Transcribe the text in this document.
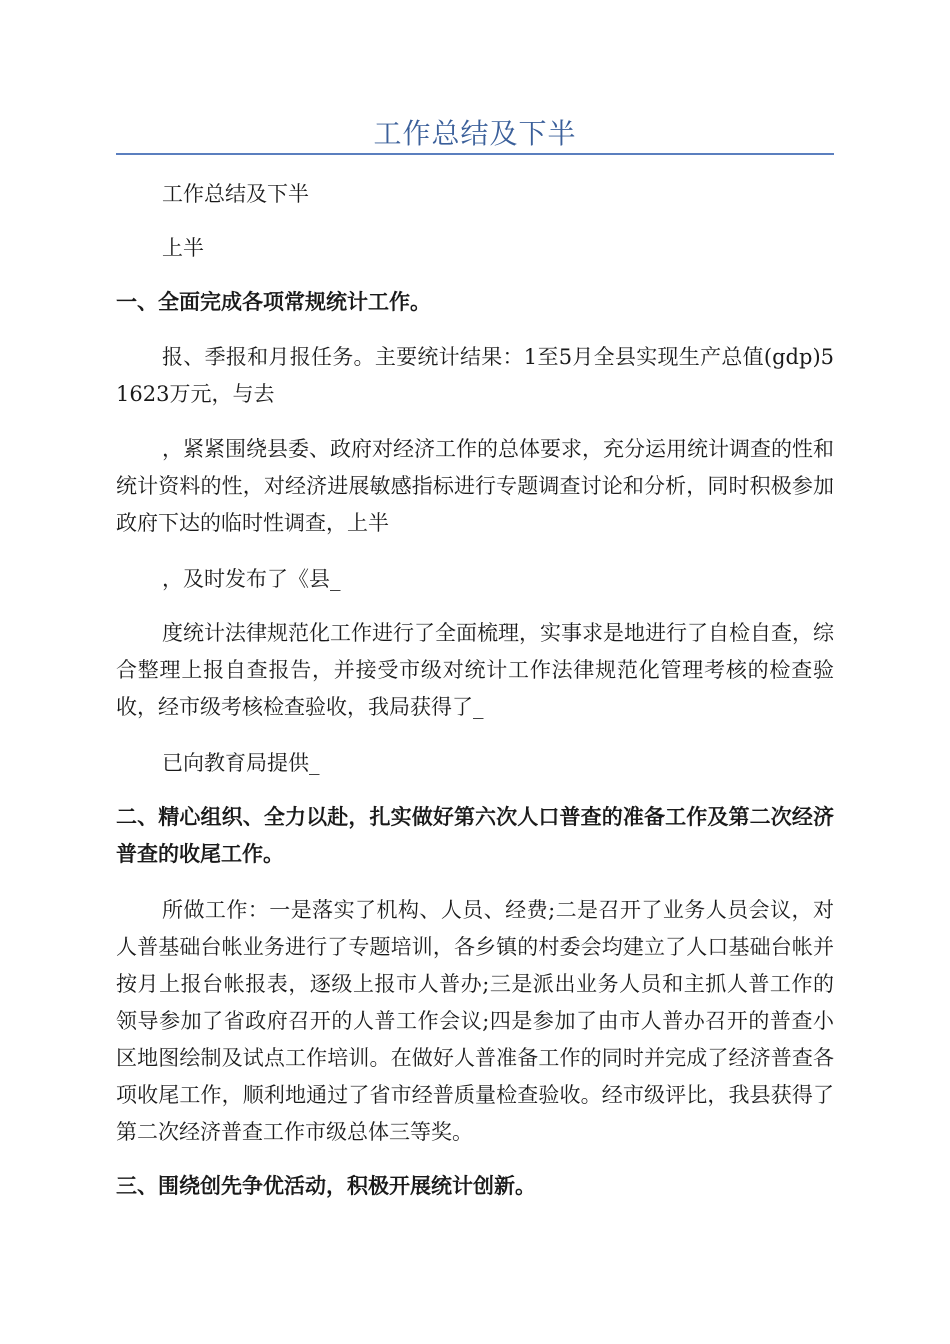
工作总结及下半

工作总结及下半

上半

一、全面完成各项常规统计工作。

报、季报和月报任务。主要统计结果：1至5月全县实现生产总值(gdp)51623万元，与去

，紧紧围绕县委、政府对经济工作的总体要求，充分运用统计调查的性和统计资料的性，对经济进展敏感指标进行专题调查讨论和分析，同时积极参加政府下达的临时性调查，上半

，及时发布了《县_

度统计法律规范化工作进行了全面梳理，实事求是地进行了自检自查，综合整理上报自查报告，并接受市级对统计工作法律规范化管理考核的检查验收，经市级考核检查验收，我局获得了_

已向教育局提供_

二、精心组织、全力以赴，扎实做好第六次人口普查的准备工作及第二次经济普查的收尾工作。

所做工作：一是落实了机构、人员、经费;二是召开了业务人员会议，对人普基础台帐业务进行了专题培训，各乡镇的村委会均建立了人口基础台帐并按月上报台帐报表，逐级上报市人普办;三是派出业务人员和主抓人普工作的领导参加了省政府召开的人普工作会议;四是参加了由市人普办召开的普查小区地图绘制及试点工作培训。在做好人普准备工作的同时并完成了经济普查各项收尾工作，顺利地通过了省市经普质量检查验收。经市级评比，我县获得了第二次经济普查工作市级总体三等奖。

三、围绕创先争优活动，积极开展统计创新。
